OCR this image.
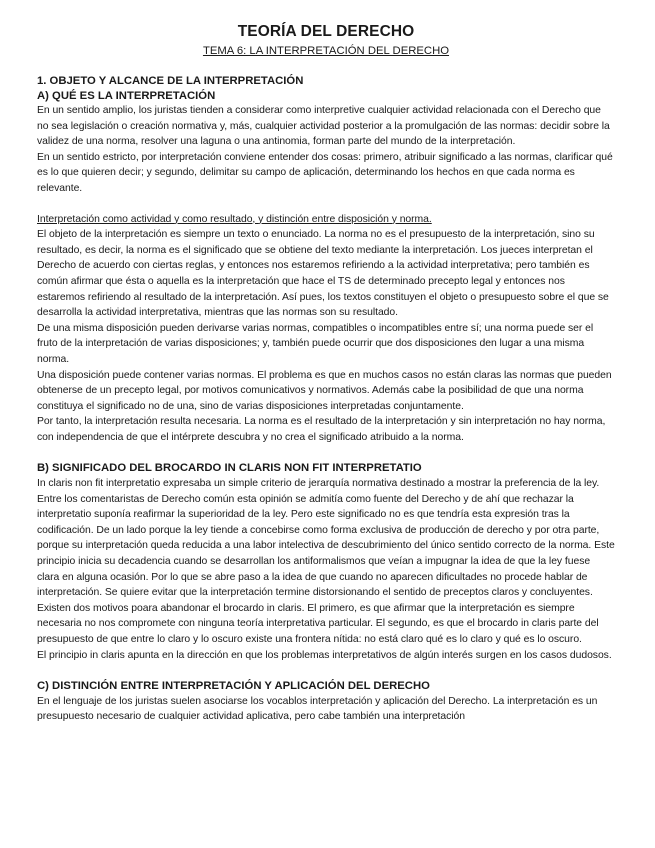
TEORÍA DEL DERECHO
TEMA 6: LA INTERPRETACIÓN DEL DERECHO
1. OBJETO Y ALCANCE DE LA INTERPRETACIÓN
A) QUÉ ES LA INTERPRETACIÓN

En un sentido amplio, los juristas tienden a considerar como interpretive cualquier actividad relacionada con el Derecho que no sea legislación o creación normativa y, más, cualquier actividad posterior a la promulgación de las normas: decidir sobre la validez de una norma, resolver una laguna o una antinomia, forman parte del mundo de la interpretación.

En un sentido estricto, por interpretación conviene entender dos cosas: primero, atribuir significado a las normas, clarificar qué es lo que quieren decir; y segundo, delimitar su campo de aplicación, determinando los hechos en que cada norma es relevante.

Interpretación como actividad y como resultado, y distinción entre disposición y norma.

El objeto de la interpretación es siempre un texto o enunciado. La norma no es el presupuesto de la interpretación, sino su resultado, es decir, la norma es el significado que se obtiene del texto mediante la interpretación. Los jueces interpretan el Derecho de acuerdo con ciertas reglas, y entonces nos estaremos refiriendo a la actividad interpretativa; pero también es común afirmar que ésta o aquella es la interpretación que hace el TS de determinado precepto legal y entonces nos estaremos refiriendo al resultado de la interpretación. Así pues, los textos constituyen el objeto o presupuesto sobre el que se desarrolla la actividad interpretativa, mientras que las normas son su resultado.

De una misma disposición pueden derivarse varias normas, compatibles o incompatibles entre sí; una norma puede ser el fruto de la interpretación de varias disposiciones; y, también puede ocurrir que dos disposiciones den lugar a una misma norma.

Una disposición puede contener varias normas. El problema es que en muchos casos no están claras las normas que pueden obtenerse de un precepto legal, por motivos comunicativos y normativos. Además cabe la posibilidad de que una norma constituya el significado no de una, sino de varias disposiciones interpretadas conjuntamente.

Por tanto, la interpretación resulta necesaria. La norma es el resultado de la interpretación y sin interpretación no hay norma, con independencia de que el intérprete descubra y no crea el significado atribuido a la norma.

B) SIGNIFICADO DEL BROCARDO IN CLARIS NON FIT INTERPRETATIO

In claris non fit interpretatio expresaba un simple criterio de jerarquía normativa destinado a mostrar la preferencia de la ley. Entre los comentaristas de Derecho común esta opinión se admitía como fuente del Derecho y de ahí que rechazar la interpretatio suponía reafirmar la superioridad de la ley. Pero este significado no es que tendría esta expresión tras la codificación. De un lado porque la ley tiende a concebirse como forma exclusiva de producción de derecho y por otra parte, porque su interpretación queda reducida a una labor intelectiva de descubrimiento del único sentido correcto de la norma. Este principio inicia su decadencia cuando se desarrollan los antiformalismos que veían a impugnar la idea de que la ley fuese clara en alguna ocasión. Por lo que se abre paso a la idea de que cuando no aparecen dificultades no procede hablar de interpretación. Se quiere evitar que la interpretación termine distorsionando el sentido de preceptos claros y concluyentes.

Existen dos motivos poara abandonar el brocardo in claris. El primero, es que afirmar que la interpretación es siempre necesaria no nos compromete con ninguna teoría interpretativa particular. El segundo, es que el brocardo in claris parte del presupuesto de que entre lo claro y lo oscuro existe una frontera nítida: no está claro qué es lo claro y qué es lo oscuro.

El principio in claris apunta en la dirección en que los problemas interpretativos de algún interés surgen en los casos dudosos.

C) DISTINCIÓN ENTRE INTERPRETACIÓN Y APLICACIÓN DEL DERECHO

En el lenguaje de los juristas suelen asociarse los vocablos interpretación y aplicación del Derecho. La interpretación es un presupuesto necesario de cualquier actividad aplicativa, pero cabe también una interpretación
